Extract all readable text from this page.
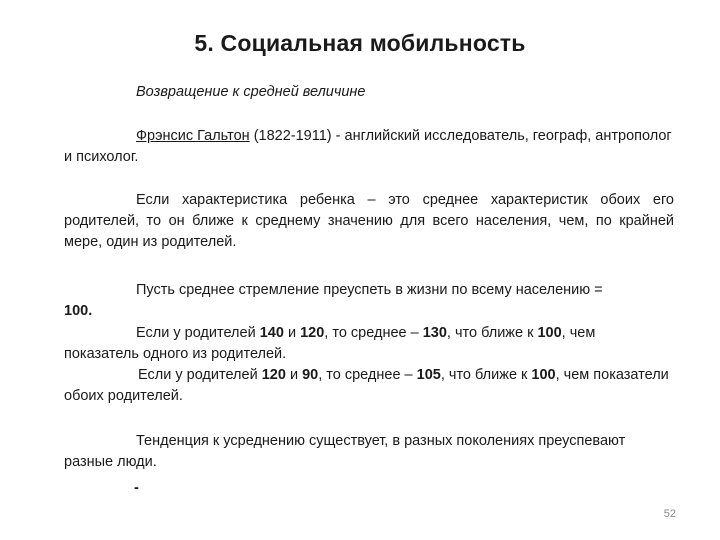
5. Социальная мобильность

Возвращение к средней величине

Фрэнсис Гальтон (1822-1911) - английский исследователь, географ, антрополог и психолог.

Если характеристика ребенка – это среднее характеристик обоих его родителей, то он ближе к среднему значению для всего населения, чем, по крайней мере, один из родителей.

Пусть среднее стремление преуспеть в жизни по всему населению =

100.

Если у родителей 140 и 120, то среднее – 130, что ближе к 100, чем показатель одного из родителей.

Если у родителей 120 и 90, то среднее – 105, что ближе к 100, чем показатели обоих родителей.

Тенденция к усреднению существует, в разных поколениях преуспевают разные люди.

-

52
